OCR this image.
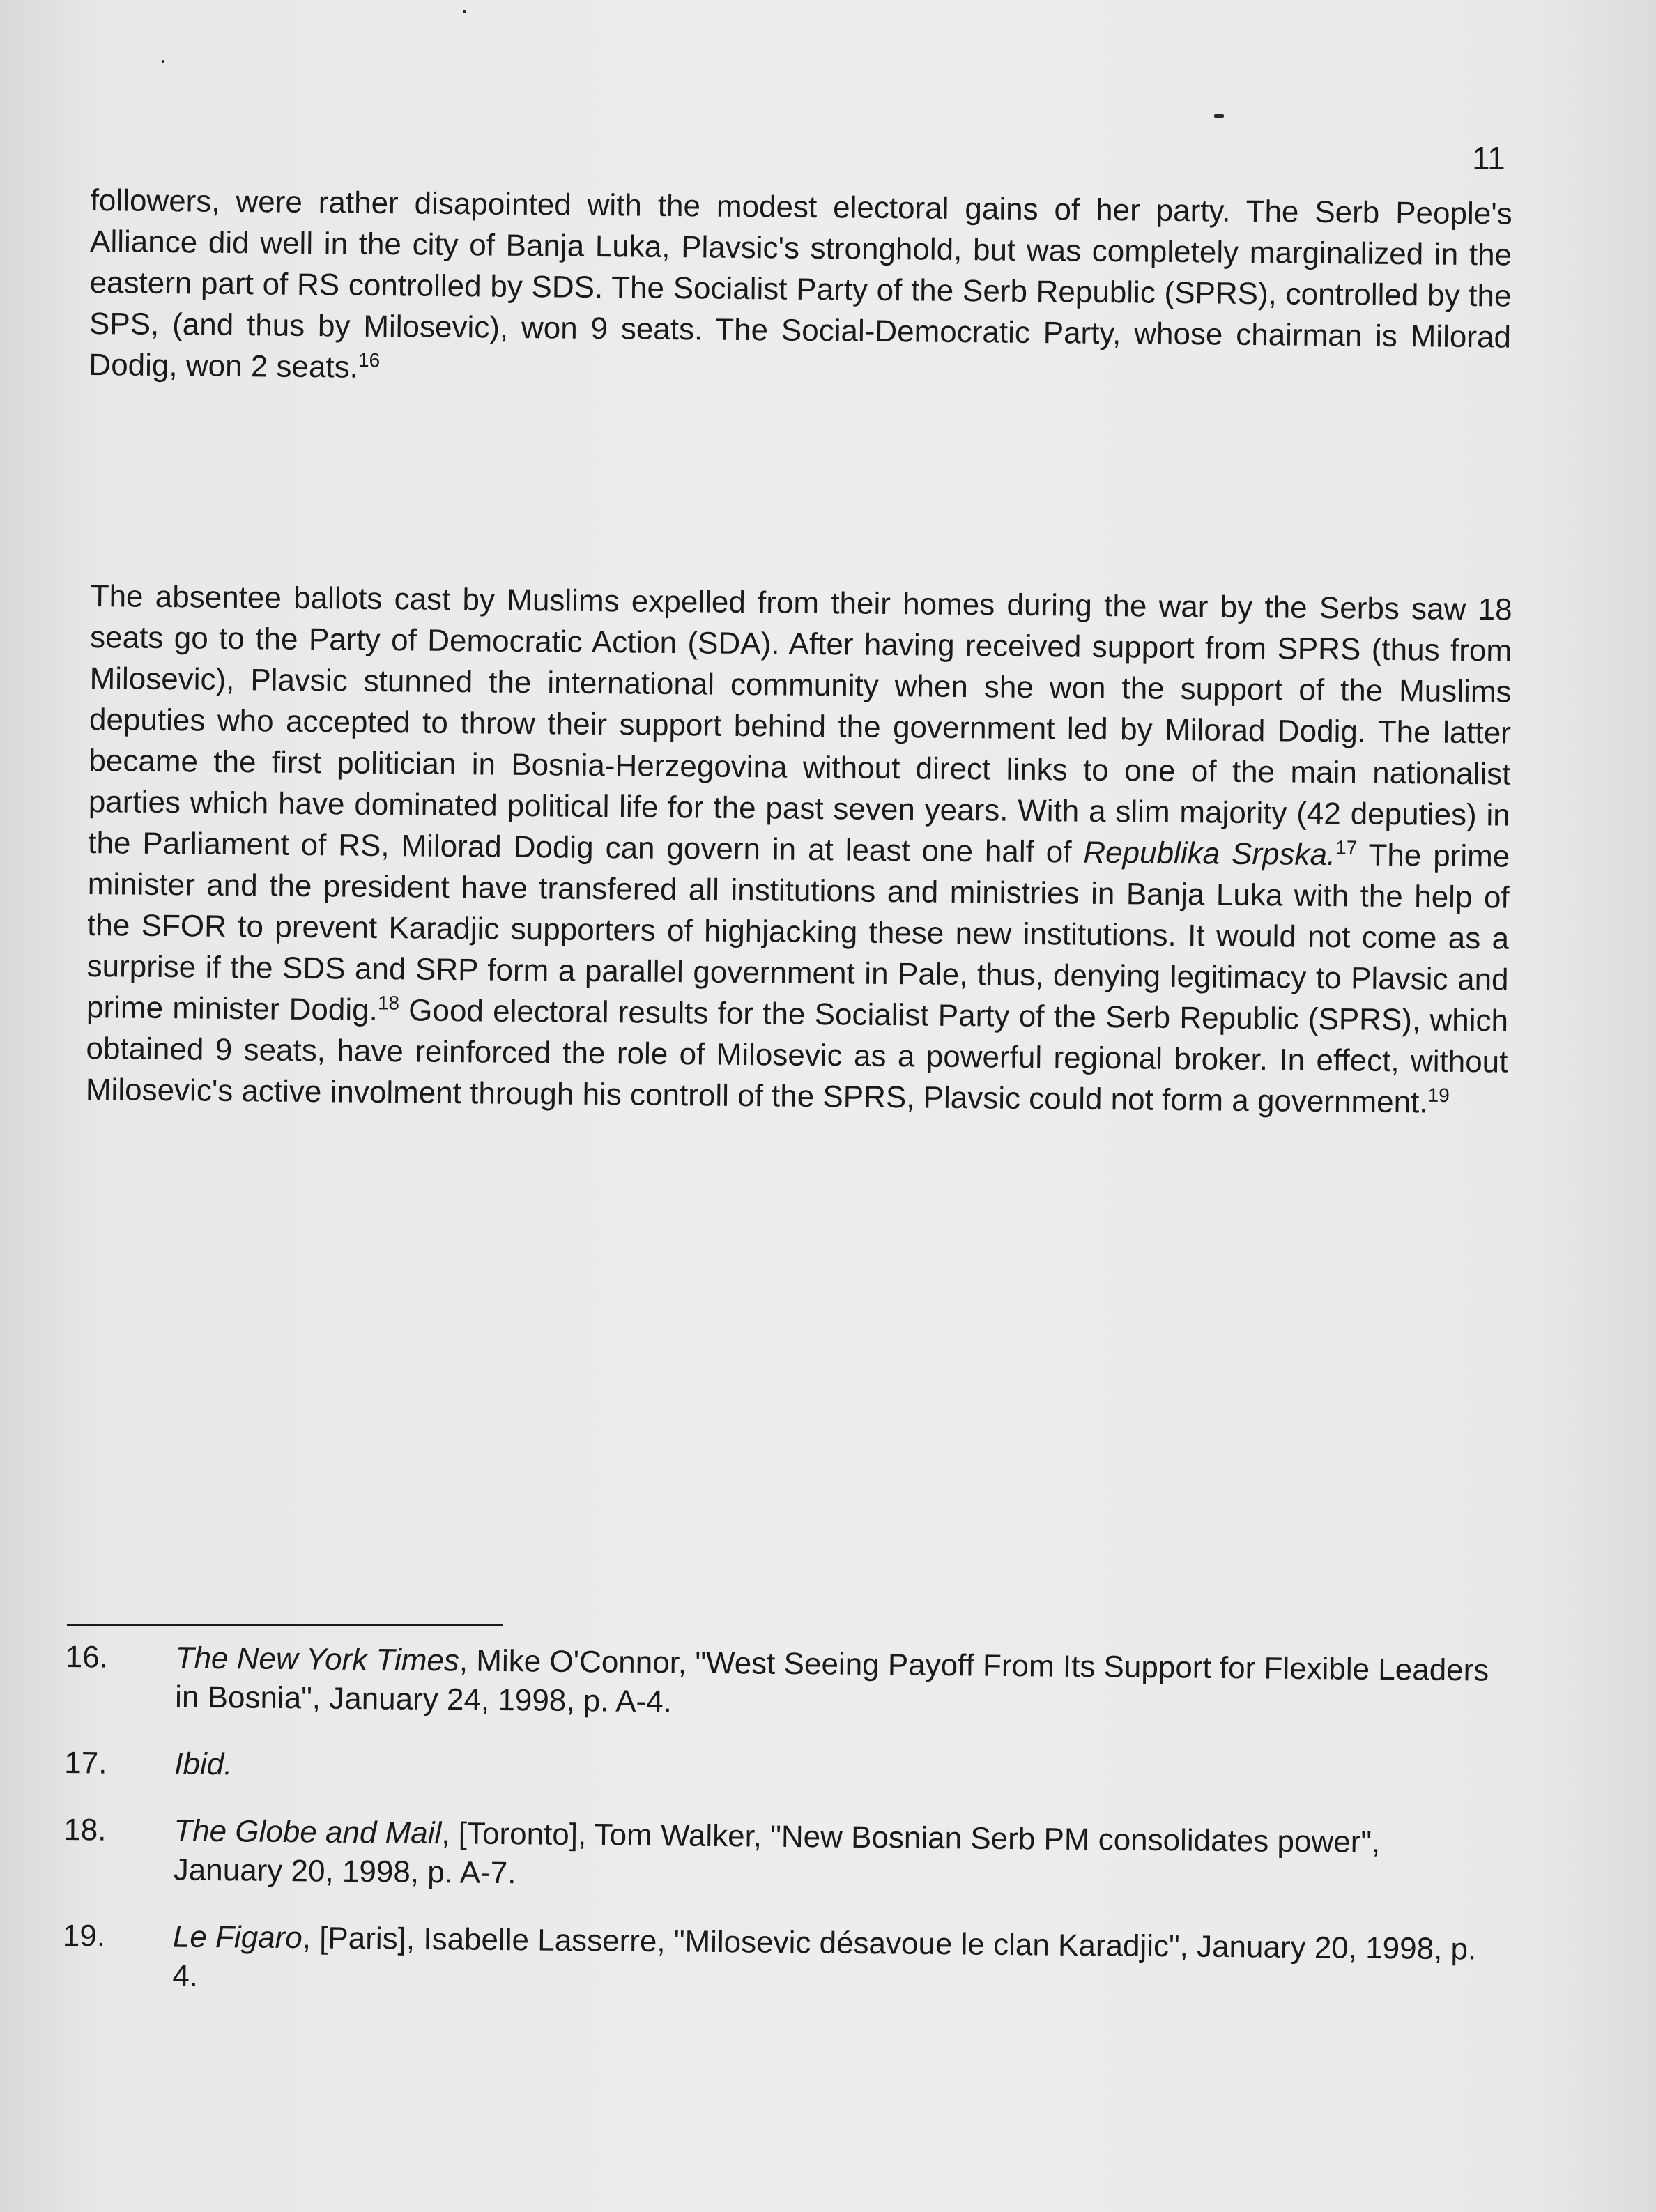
11
followers, were rather disapointed with the modest electoral gains of her party. The Serb People's Alliance did well in the city of Banja Luka, Plavsic's stronghold, but was completely marginalized in the eastern part of RS controlled by SDS. The Socialist Party of the Serb Republic (SPRS), controlled by the SPS, (and thus by Milosevic), won 9 seats. The Social-Democratic Party, whose chairman is Milorad Dodig, won 2 seats.$^{16}$
The absentee ballots cast by Muslims expelled from their homes during the war by the Serbs saw 18 seats go to the Party of Democratic Action (SDA). After having received support from SPRS (thus from Milosevic), Plavsic stunned the international community when she won the support of the Muslims deputies who accepted to throw their support behind the government led by Milorad Dodig. The latter became the first politician in Bosnia-Herzegovina without direct links to one of the main nationalist parties which have dominated political life for the past seven years. With a slim majority (42 deputies) in the Parliament of RS, Milorad Dodig can govern in at least one half of Republika Srpska.$^{17}$ The prime minister and the president have transfered all institutions and ministries in Banja Luka with the help of the SFOR to prevent Karadjic supporters of highjacking these new institutions. It would not come as a surprise if the SDS and SRP form a parallel government in Pale, thus, denying legitimacy to Plavsic and prime minister Dodig.$^{18}$ Good electoral results for the Socialist Party of the Serb Republic (SPRS), which obtained 9 seats, have reinforced the role of Milosevic as a powerful regional broker. In effect, without Milosevic's active involment through his controll of the SPRS, Plavsic could not form a government.$^{19}$
16.	The New York Times, Mike O'Connor, "West Seeing Payoff From Its Support for Flexible Leaders in Bosnia", January 24, 1998, p. A-4.
17.	Ibid.
18.	The Globe and Mail, [Toronto], Tom Walker, "New Bosnian Serb PM consolidates power", January 20, 1998, p. A-7.
19.	Le Figaro, [Paris], Isabelle Lasserre, "Milosevic désavoue le clan Karadjic", January 20, 1998, p. 4.
